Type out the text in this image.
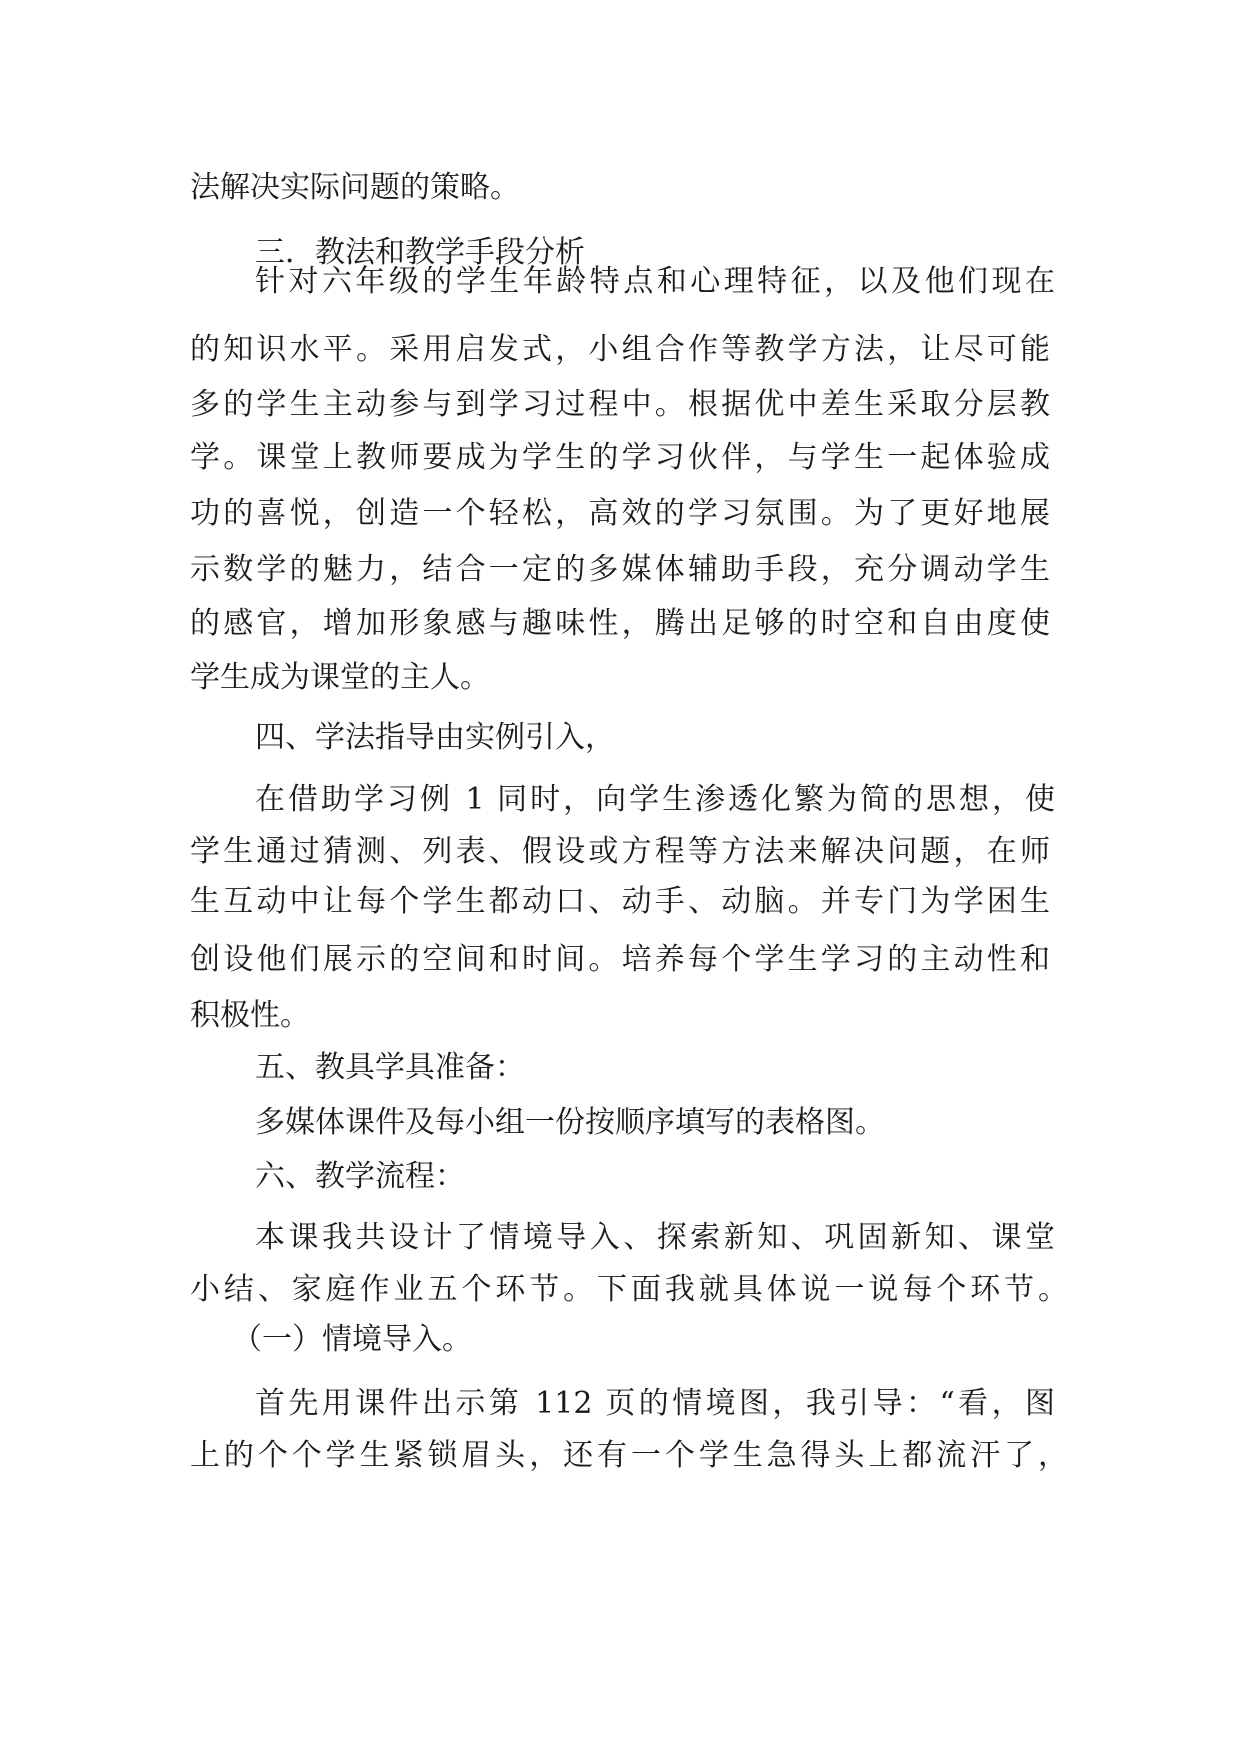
法解决实际问题的策略。
三．教法和教学手段分析
针对六年级的学生年龄特点和心理特征，以及他们现在
的知识水平。采用启发式，小组合作等教学方法，让尽可能
多的学生主动参与到学习过程中。根据优中差生采取分层教
学。课堂上教师要成为学生的学习伙伴，与学生一起体验成
功的喜悦，创造一个轻松，高效的学习氛围。为了更好地展
示数学的魅力，结合一定的多媒体辅助手段，充分调动学生
的感官，增加形象感与趣味性，腾出足够的时空和自由度使
学生成为课堂的主人。
四、学法指导由实例引入，
在借助学习例 1 同时，向学生渗透化繁为简的思想，使
学生通过猜测、列表、假设或方程等方法来解决问题，在师
生互动中让每个学生都动口、动手、动脑。并专门为学困生
创设他们展示的空间和时间。培养每个学生学习的主动性和
积极性。
五、教具学具准备：
多媒体课件及每小组一份按顺序填写的表格图。
六、教学流程：
本课我共设计了情境导入、探索新知、巩固新知、课堂
小结、家庭作业五个环节。下面我就具体说一说每个环节。
（一）情境导入。
首先用课件出示第 112 页的情境图，我引导：“看，图
上的个个学生紧锁眉头，还有一个学生急得头上都流汗了，
